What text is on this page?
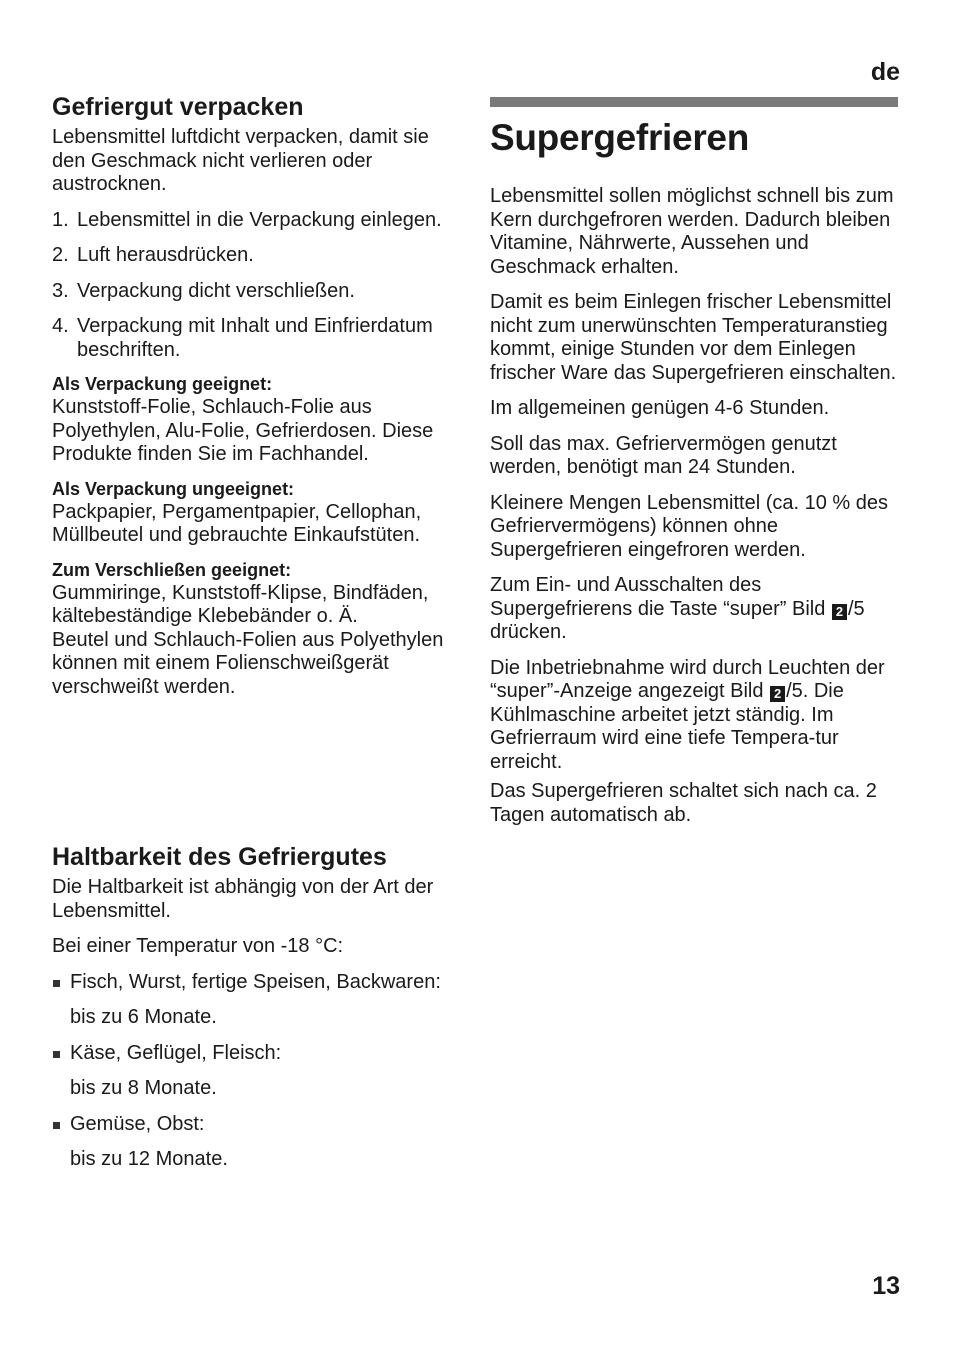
de
13
Gefriergut verpacken

Lebensmittel luftdicht verpacken, damit sie den Geschmack nicht verlieren oder austrocknen.

1. Lebensmittel in die Verpackung einlegen.
2. Luft herausdrücken.
3. Verpackung dicht verschließen.
4. Verpackung mit Inhalt und Einfrierdatum beschriften.
Als Verpackung geeignet:

Kunststoff-Folie, Schlauch-Folie aus Polyethylen, Alu-Folie, Gefrierdosen. Diese Produkte finden Sie im Fachhandel.

Als Verpackung ungeeignet:

Packpapier, Pergamentpapier, Cellophan, Müllbeutel und gebrauchte Einkaufstüten.

Zum Verschließen geeignet:

Gummiringe, Kunststoff-Klipse, Bindfäden, kältebeständige Klebebänder o. Ä.

Beutel und Schlauch-Folien aus Polyethylen können mit einem Folienschweißgerät verschweißt werden.

Haltbarkeit des Gefriergutes

Die Haltbarkeit ist abhängig von der Art der Lebensmittel.

Bei einer Temperatur von -18 °C:

Fisch, Wurst, fertige Speisen, Backwaren:
bis zu 6 Monate.
Käse, Geflügel, Fleisch:
bis zu 8 Monate.
Gemüse, Obst:
bis zu 12 Monate.
Supergefrieren

Lebensmittel sollen möglichst schnell bis zum Kern durchgefroren werden. Dadurch bleiben Vitamine, Nährwerte, Aussehen und Geschmack erhalten.

Damit es beim Einlegen frischer Lebensmittel nicht zum unerwünschten Temperaturanstieg kommt, einige Stunden vor dem Einlegen frischer Ware das Supergefrieren einschalten.

Im allgemeinen genügen 4-6 Stunden.

Soll das max. Gefriervermögen genutzt werden, benötigt man 24 Stunden.

Kleinere Mengen Lebensmittel (ca. 10 % des Gefriervermögens) können ohne Supergefrieren eingefroren werden.

Zum Ein- und Ausschalten des Supergefrierens die Taste “super” Bild 2 /5 drücken.

Die Inbetriebnahme wird durch Leuchten der “super”-Anzeige angezeigt Bild 2 /5. Die Kühlmaschine arbeitet jetzt ständig. Im Gefrierraum wird eine tiefe Tempera-tur erreicht.

Das Supergefrieren schaltet sich nach ca. 2 Tagen automatisch ab.
